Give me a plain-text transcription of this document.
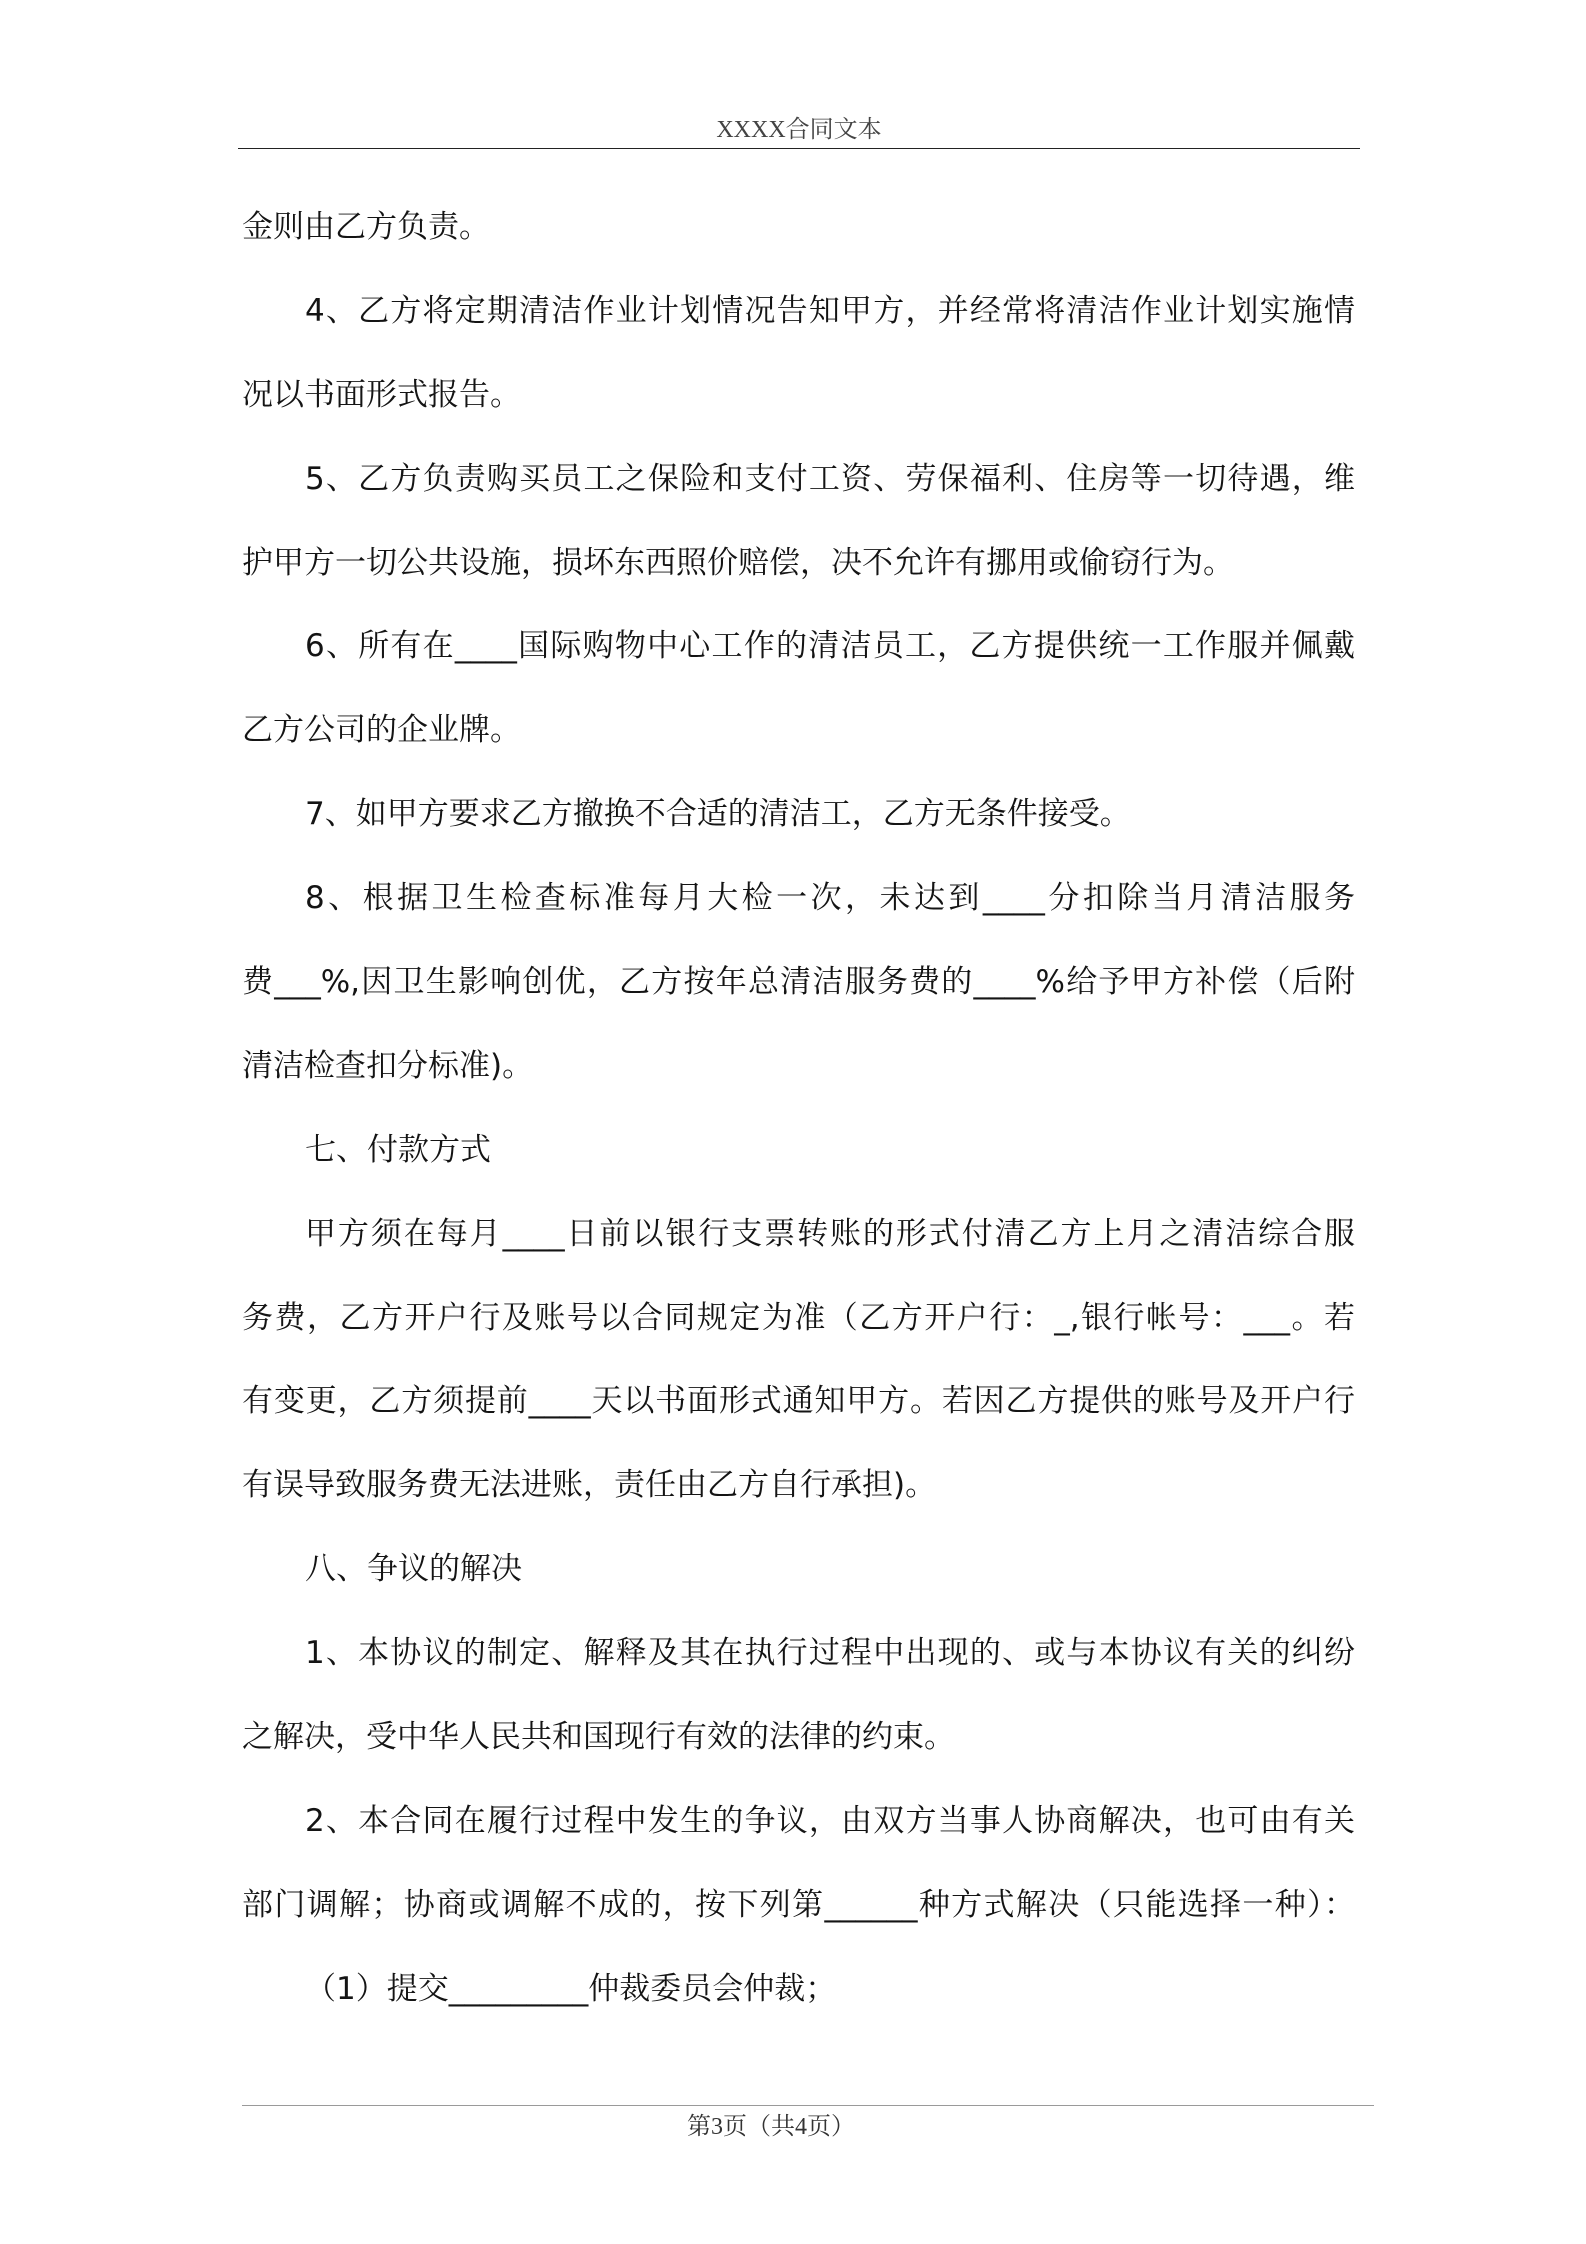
XXXX合同文本
金则由乙方负责。
4、乙方将定期清洁作业计划情况告知甲方，并经常将清洁作业计划实施情
况以书面形式报告。
5、乙方负责购买员工之保险和支付工资、劳保福利、住房等一切待遇，维
护甲方一切公共设施，损坏东西照价赔偿，决不允许有挪用或偷窃行为。
6、所有在____国际购物中心工作的清洁员工，乙方提供统一工作服并佩戴
乙方公司的企业牌。
7、如甲方要求乙方撤换不合适的清洁工，乙方无条件接受。
8、根据卫生检查标准每月大检一次，未达到____分扣除当月清洁服务
费___%,因卫生影响创优，乙方按年总清洁服务费的____%给予甲方补偿（后附
清洁检查扣分标准)。
七、付款方式
甲方须在每月____日前以银行支票转账的形式付清乙方上月之清洁综合服
务费，乙方开户行及账号以合同规定为准（乙方开户行：_,银行帐号：___。若
有变更，乙方须提前____天以书面形式通知甲方。若因乙方提供的账号及开户行
有误导致服务费无法进账，责任由乙方自行承担)。
八、争议的解决
1、本协议的制定、解释及其在执行过程中出现的、或与本协议有关的纠纷
之解决，受中华人民共和国现行有效的法律的约束。
2、本合同在履行过程中发生的争议，由双方当事人协商解决，也可由有关
部门调解；协商或调解不成的，按下列第______种方式解决（只能选择一种）：
（1）提交_________仲裁委员会仲裁；
第3页（共4页）
